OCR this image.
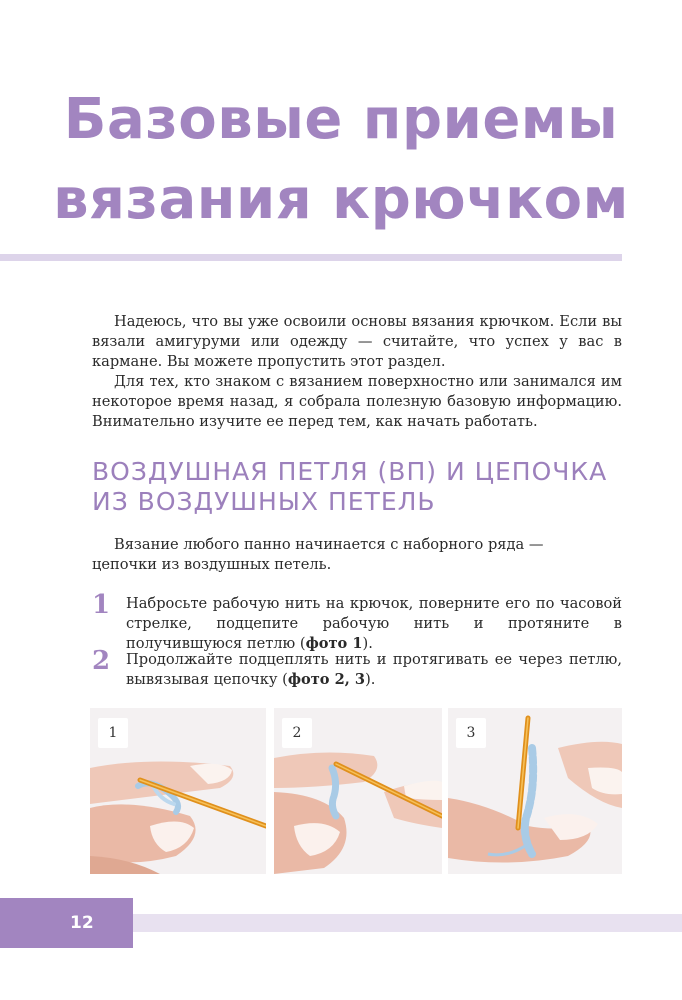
Базовые приемы
вязания крючком

Надеюсь, что вы уже освоили основы вязания крючком. Если вы вязали амигуруми или одежду — считайте, что успех у вас в кармане. Вы можете пропустить этот раздел.

Для тех, кто знаком с вязанием поверхностно или занимался им некоторое время назад, я собрала полезную базовую информацию. Внимательно изучите ее перед тем, как начать работать.

ВОЗДУШНАЯ ПЕТЛЯ (ВП) И ЦЕПОЧКА
ИЗ ВОЗДУШНЫХ ПЕТЕЛЬ

Вязание любого панно начинается с наборного ряда — цепочки из воздушных петель.

1 Набросьте рабочую нить на крючок, поверните его по часовой стрелке, подцепите рабочую нить и протяните в получившуюся петлю (фото 1).

2 Продолжайте подцеплять нить и протягивать ее через петлю, вывязывая цепочку (фото 2, 3).

1	2	3
12
